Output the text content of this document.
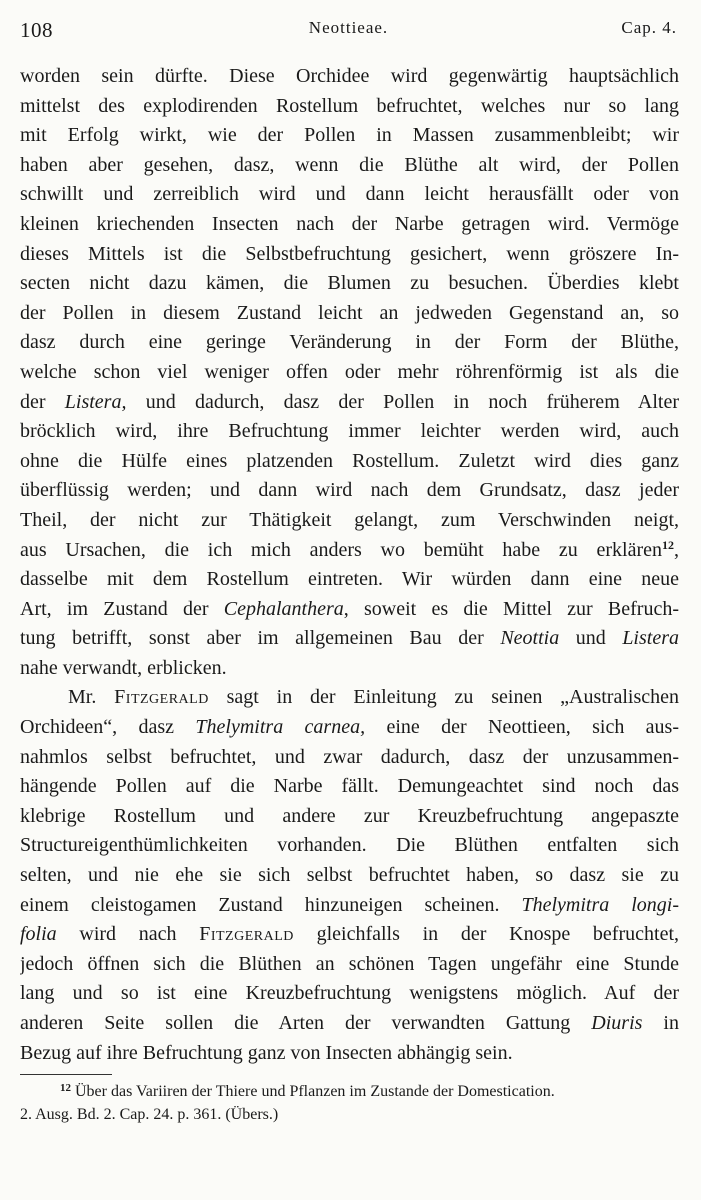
108	Neottieae.	Cap. 4.
worden sein dürfte. Diese Orchidee wird gegenwärtig hauptsächlich
mittelst des explodirenden Rostellum befruchtet, welches nur so lang
mit Erfolg wirkt, wie der Pollen in Massen zusammenbleibt; wir
haben aber gesehen, dasz, wenn die Blüthe alt wird, der Pollen
schwillt und zerreiblich wird und dann leicht herausfällt oder von
kleinen kriechenden Insecten nach der Narbe getragen wird. Vermöge
dieses Mittels ist die Selbstbefruchtung gesichert, wenn gröszere In-
secten nicht dazu kämen, die Blumen zu besuchen. Überdies klebt
der Pollen in diesem Zustand leicht an jedweden Gegenstand an, so
dasz durch eine geringe Veränderung in der Form der Blüthe,
welche schon viel weniger offen oder mehr röhrenförmig ist als die
der Listera, und dadurch, dasz der Pollen in noch früherem Alter
bröcklich wird, ihre Befruchtung immer leichter werden wird, auch
ohne die Hülfe eines platzenden Rostellum. Zuletzt wird dies ganz
überflüssig werden; und dann wird nach dem Grundsatz, dasz jeder
Theil, der nicht zur Thätigkeit gelangt, zum Verschwinden neigt,
aus Ursachen, die ich mich anders wo bemüht habe zu erklären$^{12}$,
dasselbe mit dem Rostellum eintreten. Wir würden dann eine neue
Art, im Zustand der Cephalanthera, soweit es die Mittel zur Befruch-
tung betrifft, sonst aber im allgemeinen Bau der Neottia und Listera
nahe verwandt, erblicken.
Mr. Fitzgerald sagt in der Einleitung zu seinen „Australischen
Orchideen“, dasz Thelymitra carnea, eine der Neottieen, sich aus-
nahmlos selbst befruchtet, und zwar dadurch, dasz der unzusammen-
hängende Pollen auf die Narbe fällt. Demungeachtet sind noch das
klebrige Rostellum und andere zur Kreuzbefruchtung angepaszte
Structureigenthümlichkeiten vorhanden. Die Blüthen entfalten sich
selten, und nie ehe sie sich selbst befruchtet haben, so dasz sie zu
einem cleistogamen Zustand hinzuneigen scheinen. Thelymitra longi-
folia wird nach Fitzgerald gleichfalls in der Knospe befruchtet,
jedoch öffnen sich die Blüthen an schönen Tagen ungefähr eine Stunde
lang und so ist eine Kreuzbefruchtung wenigstens möglich. Auf der
anderen Seite sollen die Arten der verwandten Gattung Diuris in
Bezug auf ihre Befruchtung ganz von Insecten abhängig sein.
$^{12}$ Über das Variiren der Thiere und Pflanzen im Zustande der Domestication.
2. Ausg. Bd. 2. Cap. 24. p. 361. (Übers.)
